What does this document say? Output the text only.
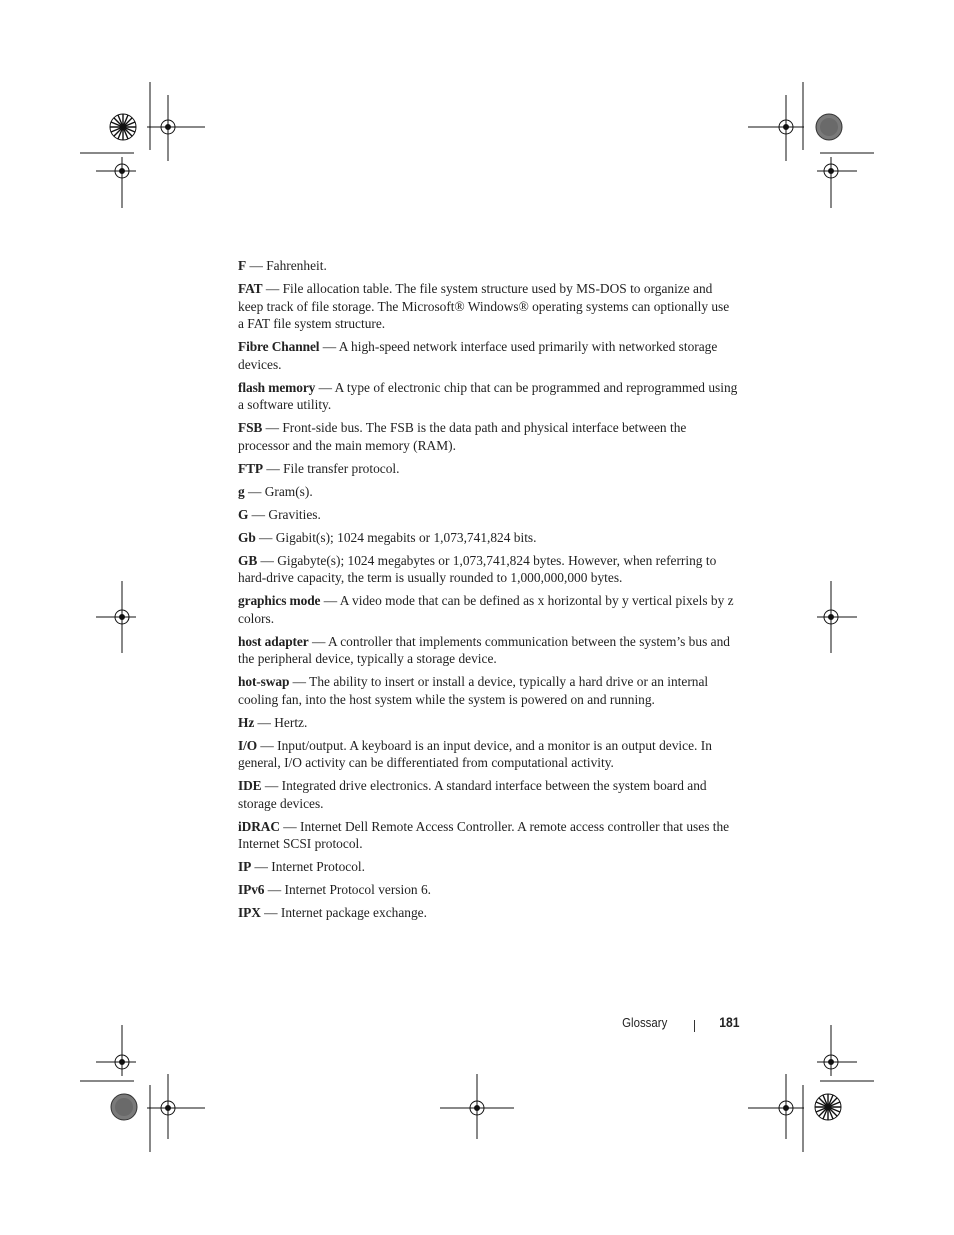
F — Fahrenheit.

FAT — File allocation table. The file system structure used by MS-DOS to organize and keep track of file storage. The Microsoft® Windows® operating systems can optionally use a FAT file system structure.

Fibre Channel — A high-speed network interface used primarily with networked storage devices.

flash memory — A type of electronic chip that can be programmed and reprogrammed using a software utility.

FSB — Front-side bus. The FSB is the data path and physical interface between the processor and the main memory (RAM).

FTP — File transfer protocol.

g — Gram(s).

G — Gravities.

Gb — Gigabit(s); 1024 megabits or 1,073,741,824 bits.

GB — Gigabyte(s); 1024 megabytes or 1,073,741,824 bytes. However, when referring to hard-drive capacity, the term is usually rounded to 1,000,000,000 bytes.

graphics mode — A video mode that can be defined as x horizontal by y vertical pixels by z colors.

host adapter — A controller that implements communication between the system’s bus and the peripheral device, typically a storage device.

hot-swap — The ability to insert or install a device, typically a hard drive or an internal cooling fan, into the host system while the system is powered on and running.

Hz — Hertz.

I/O — Input/output. A keyboard is an input device, and a monitor is an output device. In general, I/O activity can be differentiated from computational activity.

IDE — Integrated drive electronics. A standard interface between the system board and storage devices.

iDRAC — Internet Dell Remote Access Controller. A remote access controller that uses the Internet SCSI protocol.

IP — Internet Protocol.

IPv6 — Internet Protocol version 6.

IPX — Internet package exchange.

Glossary	181
